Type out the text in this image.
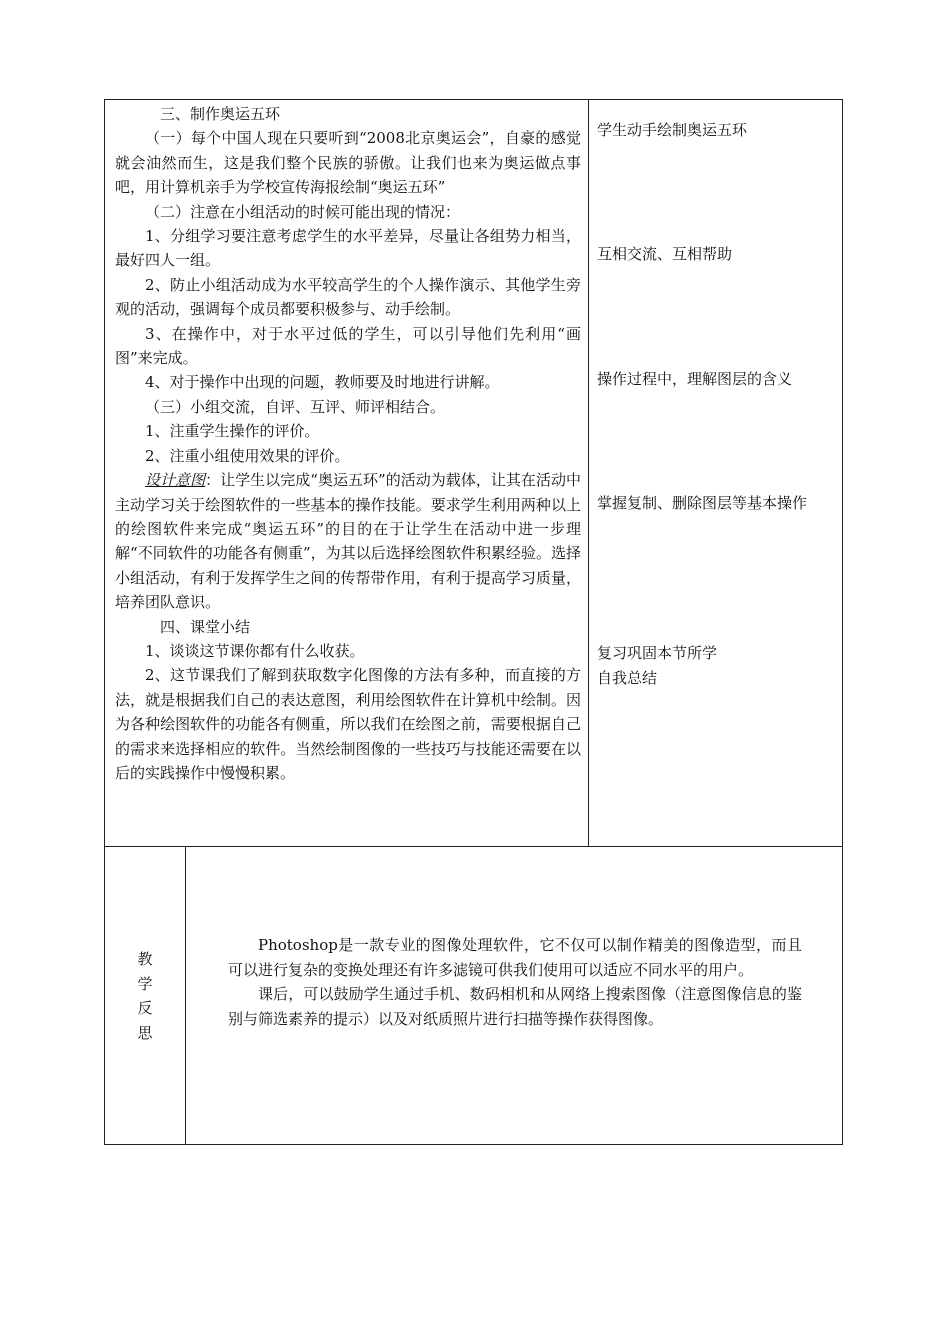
三、制作奥运五环

（一）每个中国人现在只要听到“2008北京奥运会”，自豪的感觉就会油然而生，这是我们整个民族的骄傲。让我们也来为奥运做点事吧，用计算机亲手为学校宣传海报绘制“奥运五环”

（二）注意在小组活动的时候可能出现的情况：

1、分组学习要注意考虑学生的水平差异，尽量让各组势力相当，最好四人一组。

2、防止小组活动成为水平较高学生的个人操作演示、其他学生旁观的活动，强调每个成员都要积极参与、动手绘制。

3、在操作中，对于水平过低的学生，可以引导他们先利用“画图”来完成。

4、对于操作中出现的问题，教师要及时地进行讲解。

（三）小组交流，自评、互评、师评相结合。

1、注重学生操作的评价。

2、注重小组使用效果的评价。

设计意图：让学生以完成“奥运五环”的活动为载体，让其在活动中主动学习关于绘图软件的一些基本的操作技能。要求学生利用两种以上的绘图软件来完成“奥运五环”的目的在于让学生在活动中进一步理解“不同软件的功能各有侧重”，为其以后选择绘图软件积累经验。选择小组活动，有利于发挥学生之间的传帮带作用，有利于提高学习质量，培养团队意识。

四、课堂小结

1、谈谈这节课你都有什么收获。

2、这节课我们了解到获取数字化图像的方法有多种，而直接的方法，就是根据我们自己的表达意图，利用绘图软件在计算机中绘制。因为各种绘图软件的功能各有侧重，所以我们在绘图之前，需要根据自己的需求来选择相应的软件。当然绘制图像的一些技巧与技能还需要在以后的实践操作中慢慢积累。

学生动手绘制奥运五环
互相交流、互相帮助
操作过程中，理解图层的含义
掌握复制、删除图层等基本操作
复习巩固本节所学
自我总结
教
学
反
思

Photoshop是一款专业的图像处理软件，它不仅可以制作精美的图像造型，而且可以进行复杂的变换处理还有许多滤镜可供我们使用可以适应不同水平的用户。

课后，可以鼓励学生通过手机、数码相机和从网络上搜索图像（注意图像信息的鉴别与筛选素养的提示）以及对纸质照片进行扫描等操作获得图像。
